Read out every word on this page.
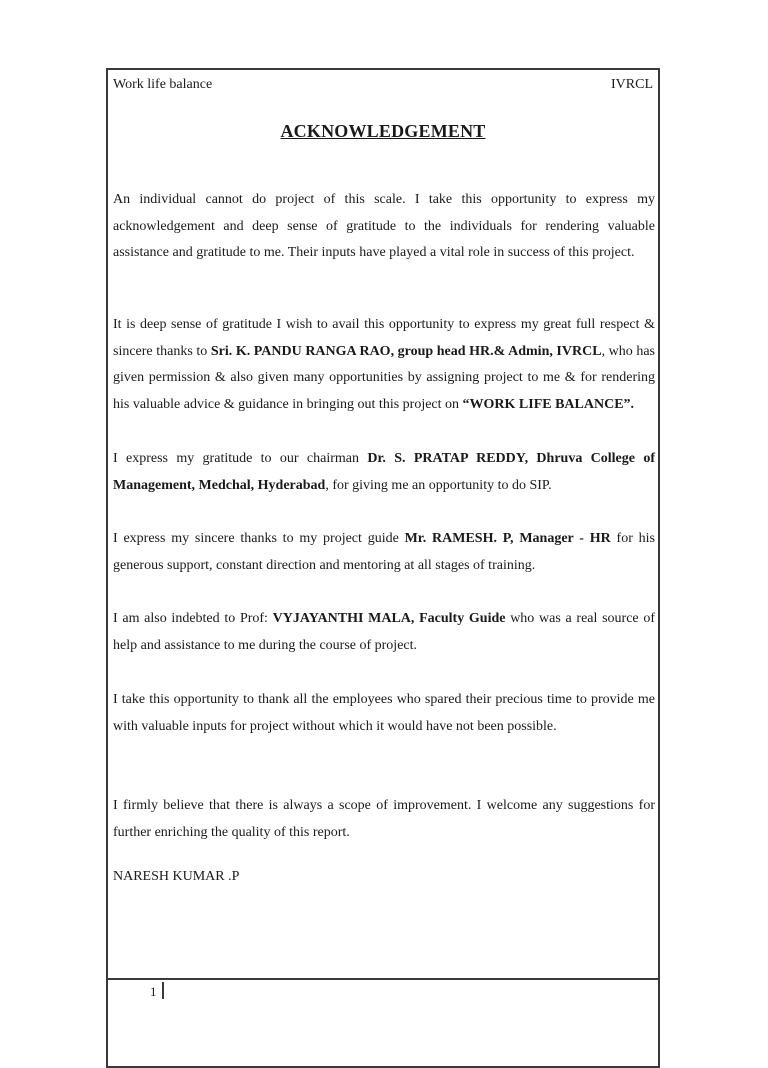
Work life balance	IVRCL
ACKNOWLEDGEMENT

An individual cannot do project of this scale. I take this opportunity to express my acknowledgement and deep sense of gratitude to the individuals for rendering valuable assistance and gratitude to me. Their inputs have played a vital role in success of this project.

It is deep sense of gratitude I wish to avail this opportunity to express my great full respect & sincere thanks to Sri. K. PANDU RANGA RAO, group head HR.& Admin, IVRCL, who has given permission & also given many opportunities by assigning project to me & for rendering his valuable advice & guidance in bringing out this project on “WORK LIFE BALANCE”.

I express my gratitude to our chairman Dr. S. PRATAP REDDY, Dhruva College of Management, Medchal, Hyderabad, for giving me an opportunity to do SIP.

I express my sincere thanks to my project guide Mr. RAMESH. P, Manager - HR for his generous support, constant direction and mentoring at all stages of training.

I am also indebted to Prof: VYJAYANTHI MALA, Faculty Guide who was a real source of help and assistance to me during the course of project.

I take this opportunity to thank all the employees who spared their precious time to provide me with valuable inputs for project without which it would have not been possible.

I firmly believe that there is always a scope of improvement. I welcome any suggestions for further enriching the quality of this report.

NARESH KUMAR .P
1
